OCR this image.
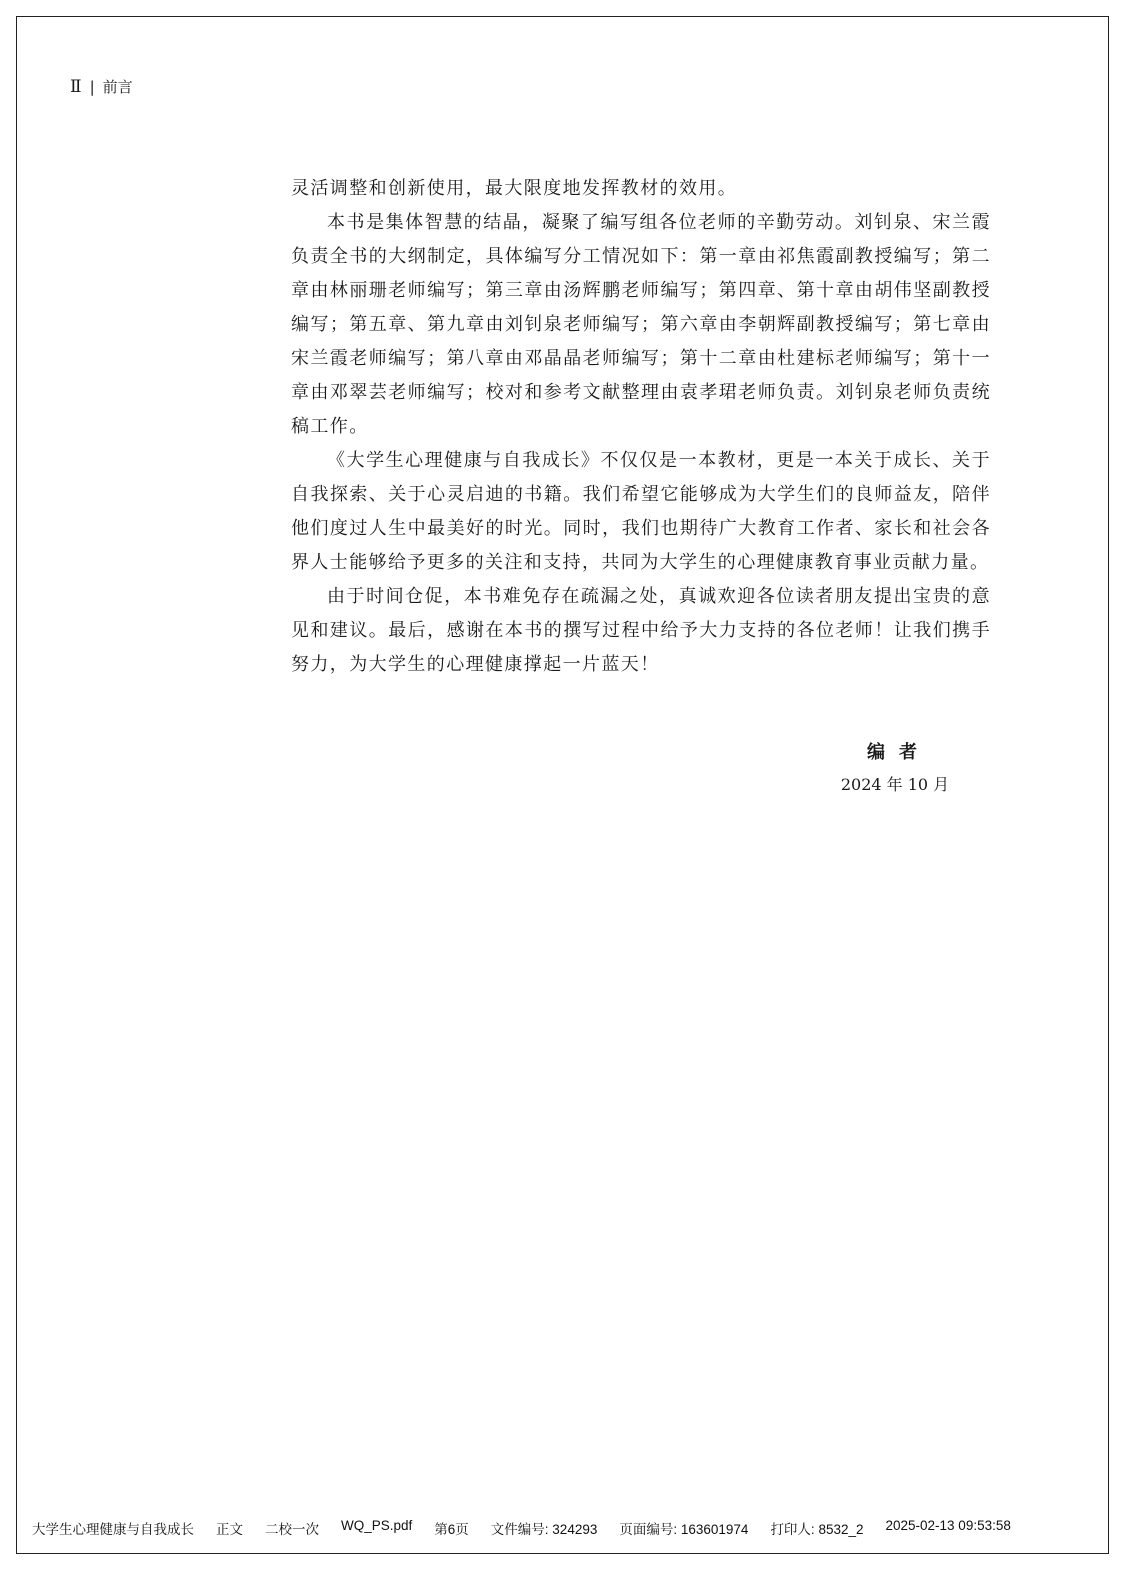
Ⅱ | 前言

灵活调整和创新使用，最大限度地发挥教材的效用。

本书是集体智慧的结晶，凝聚了编写组各位老师的辛勤劳动。刘钊泉、宋兰霞负责全书的大纲制定，具体编写分工情况如下：第一章由祁焦霞副教授编写；第二章由林丽珊老师编写；第三章由汤辉鹏老师编写；第四章、第十章由胡伟坚副教授编写；第五章、第九章由刘钊泉老师编写；第六章由李朝辉副教授编写；第七章由宋兰霞老师编写；第八章由邓晶晶老师编写；第十二章由杜建标老师编写；第十一章由邓翠芸老师编写；校对和参考文献整理由袁孝珺老师负责。刘钊泉老师负责统稿工作。

《大学生心理健康与自我成长》不仅仅是一本教材，更是一本关于成长、关于自我探索、关于心灵启迪的书籍。我们希望它能够成为大学生们的良师益友，陪伴他们度过人生中最美好的时光。同时，我们也期待广大教育工作者、家长和社会各界人士能够给予更多的关注和支持，共同为大学生的心理健康教育事业贡献力量。

由于时间仓促，本书难免存在疏漏之处，真诚欢迎各位读者朋友提出宝贵的意见和建议。最后，感谢在本书的撰写过程中给予大力支持的各位老师！让我们携手努力，为大学生的心理健康撑起一片蓝天！

编者
2024 年 10 月
大学生心理健康与自我成长 正文 二校一次 WQ_PS.pdf 第6页 文件编号: 324293 页面编号: 163601974 打印人: 8532_2 2025-02-13 09:53:58
